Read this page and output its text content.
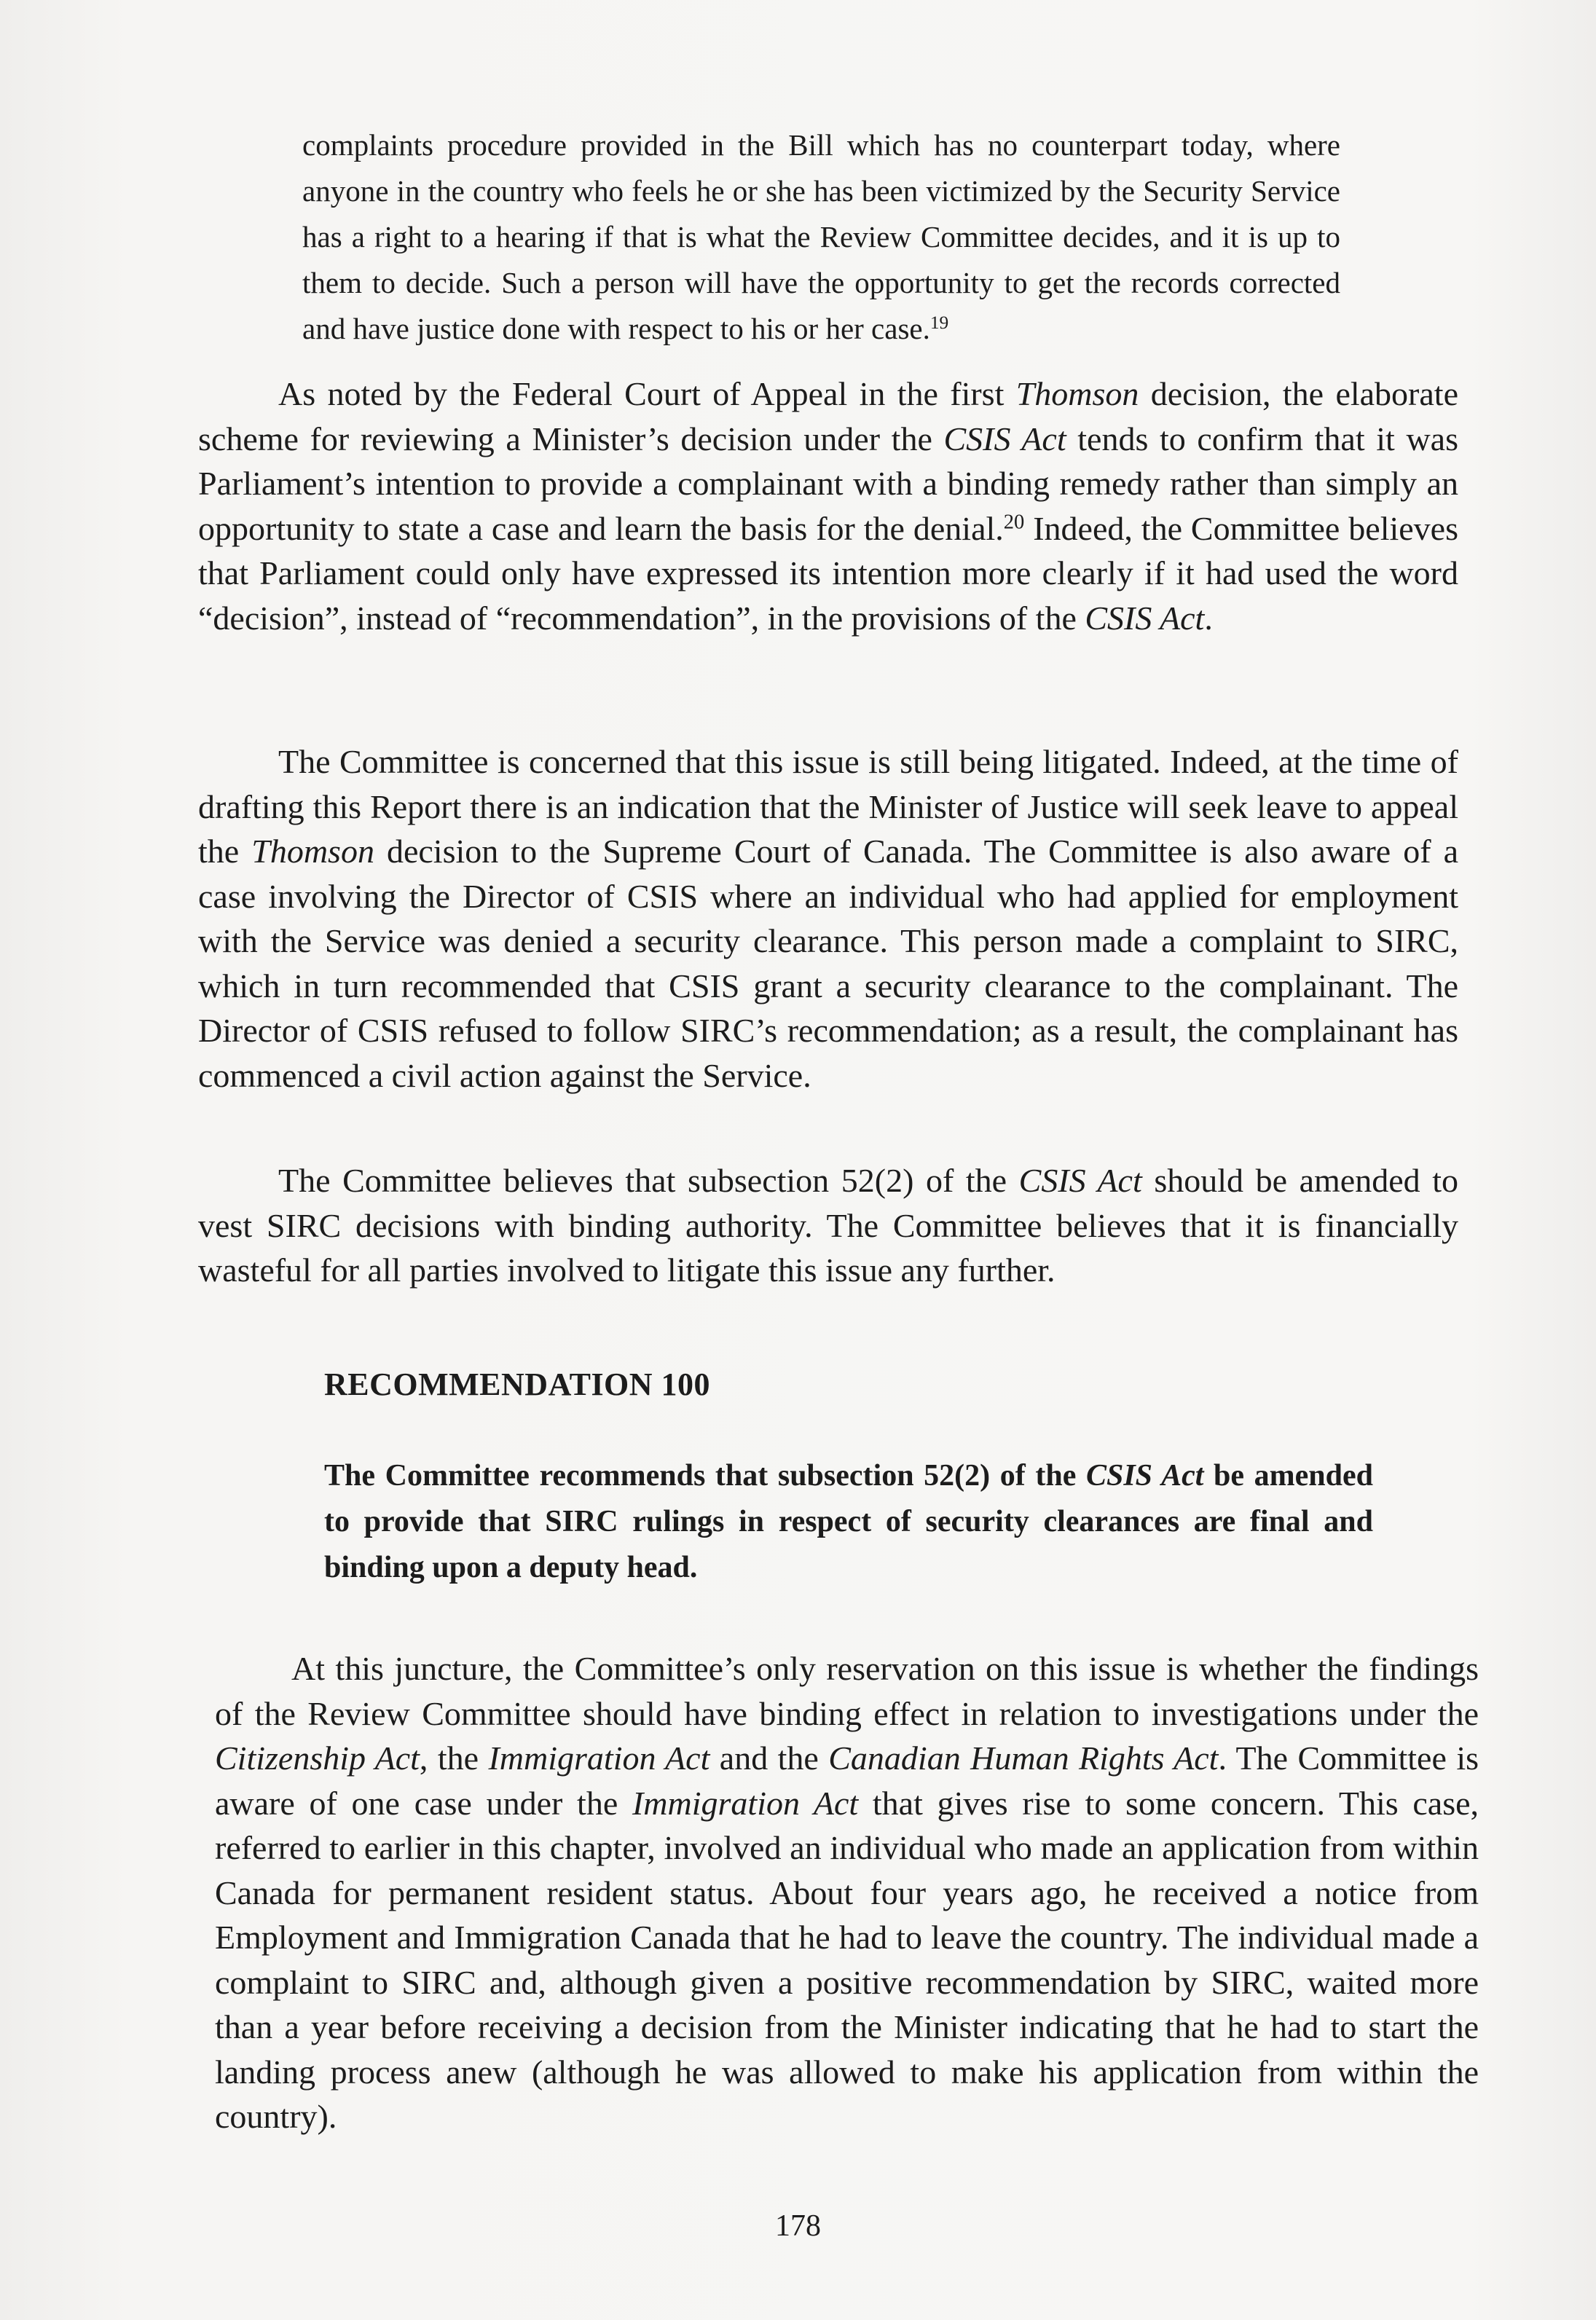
complaints procedure provided in the Bill which has no counterpart today, where anyone in the country who feels he or she has been victimized by the Security Service has a right to a hearing if that is what the Review Committee decides, and it is up to them to decide. Such a person will have the opportunity to get the records corrected and have justice done with respect to his or her case.$^{19}$

As noted by the Federal Court of Appeal in the first Thomson decision, the elaborate scheme for reviewing a Minister’s decision under the CSIS Act tends to confirm that it was Parliament’s intention to provide a complainant with a binding remedy rather than simply an opportunity to state a case and learn the basis for the denial.$^{20}$ Indeed, the Committee believes that Parliament could only have expressed its intention more clearly if it had used the word “decision”, instead of “recommendation”, in the provisions of the CSIS Act.

The Committee is concerned that this issue is still being litigated. Indeed, at the time of drafting this Report there is an indication that the Minister of Justice will seek leave to appeal the Thomson decision to the Supreme Court of Canada. The Committee is also aware of a case involving the Director of CSIS where an individual who had applied for employment with the Service was denied a security clearance. This person made a complaint to SIRC, which in turn recommended that CSIS grant a security clearance to the complainant. The Director of CSIS refused to follow SIRC’s recommendation; as a result, the complainant has commenced a civil action against the Service.

The Committee believes that subsection 52(2) of the CSIS Act should be amended to vest SIRC decisions with binding authority. The Committee believes that it is financially wasteful for all parties involved to litigate this issue any further.

RECOMMENDATION 100

The Committee recommends that subsection 52(2) of the CSIS Act be amended to provide that SIRC rulings in respect of security clearances are final and binding upon a deputy head.

At this juncture, the Committee’s only reservation on this issue is whether the findings of the Review Committee should have binding effect in relation to investigations under the Citizenship Act, the Immigration Act and the Canadian Human Rights Act. The Committee is aware of one case under the Immigration Act that gives rise to some concern. This case, referred to earlier in this chapter, involved an individual who made an application from within Canada for permanent resident status. About four years ago, he received a notice from Employment and Immigration Canada that he had to leave the country. The individual made a complaint to SIRC and, although given a positive recommendation by SIRC, waited more than a year before receiving a decision from the Minister indicating that he had to start the landing process anew (although he was allowed to make his application from within the country).

178
